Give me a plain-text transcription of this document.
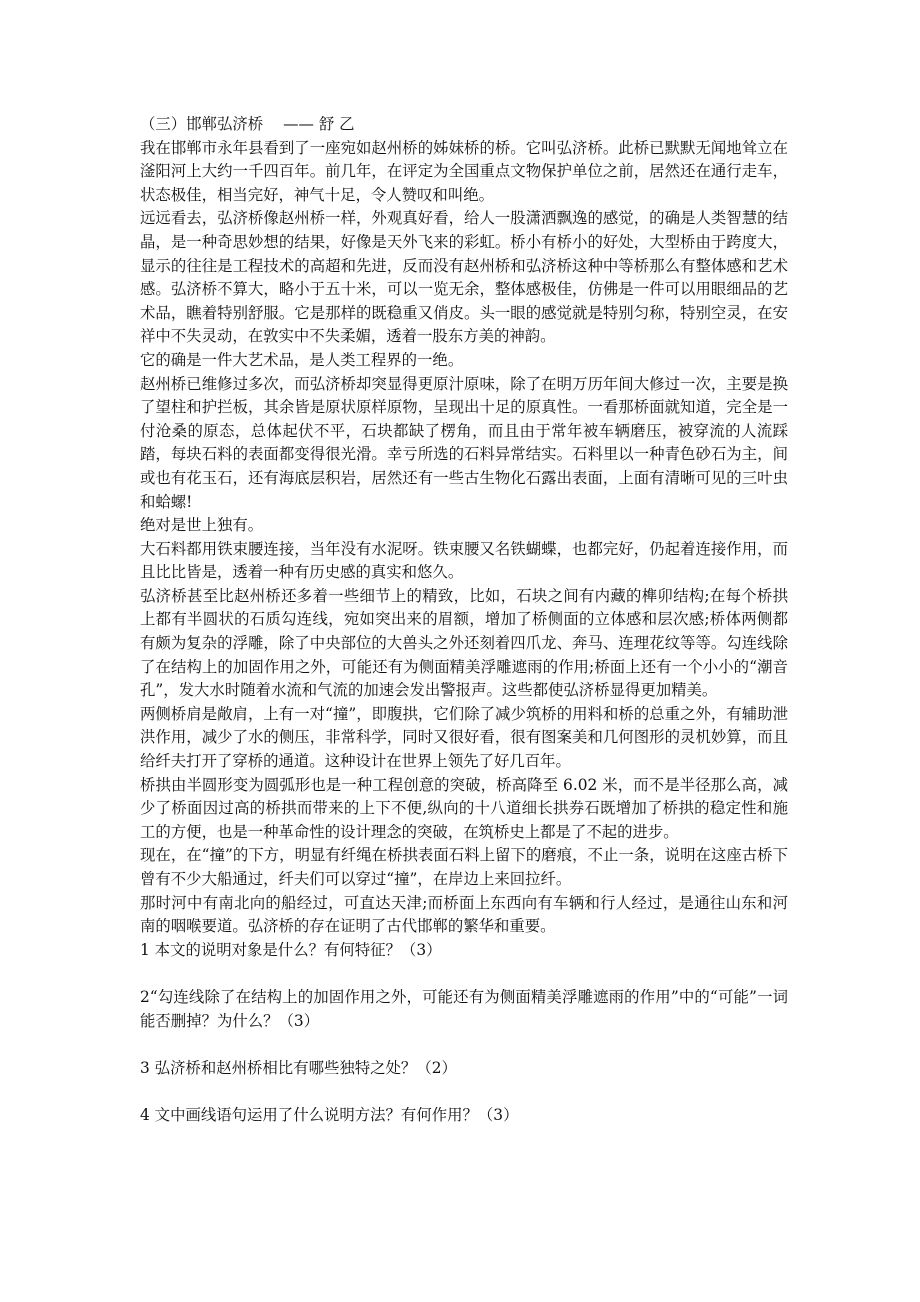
（三）邯郸弘济桥 —— 舒 乙

我在邯郸市永年县看到了一座宛如赵州桥的姊妹桥的桥。它叫弘济桥。此桥已默默无闻地耸立在滏阳河上大约一千四百年。前几年，在评定为全国重点文物保护单位之前，居然还在通行走车，状态极佳，相当完好，神气十足，令人赞叹和叫绝。

远远看去，弘济桥像赵州桥一样，外观真好看，给人一股潇洒飘逸的感觉，的确是人类智慧的结晶，是一种奇思妙想的结果，好像是天外飞来的彩虹。桥小有桥小的好处，大型桥由于跨度大，显示的往往是工程技术的高超和先进，反而没有赵州桥和弘济桥这种中等桥那么有整体感和艺术感。弘济桥不算大，略小于五十米，可以一览无余，整体感极佳，仿佛是一件可以用眼细品的艺术品，瞧着特别舒服。它是那样的既稳重又俏皮。头一眼的感觉就是特别匀称，特别空灵，在安祥中不失灵动，在敦实中不失柔媚，透着一股东方美的神韵。

它的确是一件大艺术品，是人类工程界的一绝。

赵州桥已维修过多次，而弘济桥却突显得更原汁原味，除了在明万历年间大修过一次，主要是换了望柱和护拦板，其余皆是原状原样原物，呈现出十足的原真性。一看那桥面就知道，完全是一付沧桑的原态，总体起伏不平，石块都缺了楞角，而且由于常年被车辆磨压，被穿流的人流踩踏，每块石料的表面都变得很光滑。幸亏所选的石料异常结实。石料里以一种青色砂石为主，间或也有花玉石，还有海底层积岩，居然还有一些古生物化石露出表面，上面有清晰可见的三叶虫和蛤螺!

绝对是世上独有。

大石料都用铁束腰连接，当年没有水泥呀。铁束腰又名铁蝴蝶，也都完好，仍起着连接作用，而且比比皆是，透着一种有历史感的真实和悠久。

弘济桥甚至比赵州桥还多着一些细节上的精致，比如，石块之间有内藏的榫卯结构;在每个桥拱上都有半圆状的石质勾连线，宛如突出来的眉额，增加了桥侧面的立体感和层次感;桥体两侧都有颇为复杂的浮雕，除了中央部位的大兽头之外还刻着四爪龙、奔马、连理花纹等等。勾连线除了在结构上的加固作用之外，可能还有为侧面精美浮雕遮雨的作用;桥面上还有一个小小的“潮音孔”，发大水时随着水流和气流的加速会发出警报声。这些都使弘济桥显得更加精美。

两侧桥肩是敞肩，上有一对“撞”，即腹拱，它们除了减少筑桥的用料和桥的总重之外，有辅助泄洪作用，减少了水的侧压，非常科学，同时又很好看，很有图案美和几何图形的灵机妙算，而且给纤夫打开了穿桥的通道。这种设计在世界上领先了好几百年。

桥拱由半圆形变为圆弧形也是一种工程创意的突破，桥高降至 6.02 米，而不是半径那么高，减少了桥面因过高的桥拱而带来的上下不便,纵向的十八道细长拱券石既增加了桥拱的稳定性和施工的方便，也是一种革命性的设计理念的突破，在筑桥史上都是了不起的进步。

现在，在“撞”的下方，明显有纤绳在桥拱表面石料上留下的磨痕，不止一条，说明在这座古桥下曾有不少大船通过，纤夫们可以穿过“撞”，在岸边上来回拉纤。

那时河中有南北向的船经过，可直达天津;而桥面上东西向有车辆和行人经过，是通往山东和河南的咽喉要道。弘济桥的存在证明了古代邯郸的繁华和重要。

1 本文的说明对象是什么？有何特征？（3）

2“勾连线除了在结构上的加固作用之外，可能还有为侧面精美浮雕遮雨的作用”中的“可能”一词能否删掉？为什么？（3）

3 弘济桥和赵州桥相比有哪些独特之处？（2）

4 文中画线语句运用了什么说明方法？有何作用？（3）
